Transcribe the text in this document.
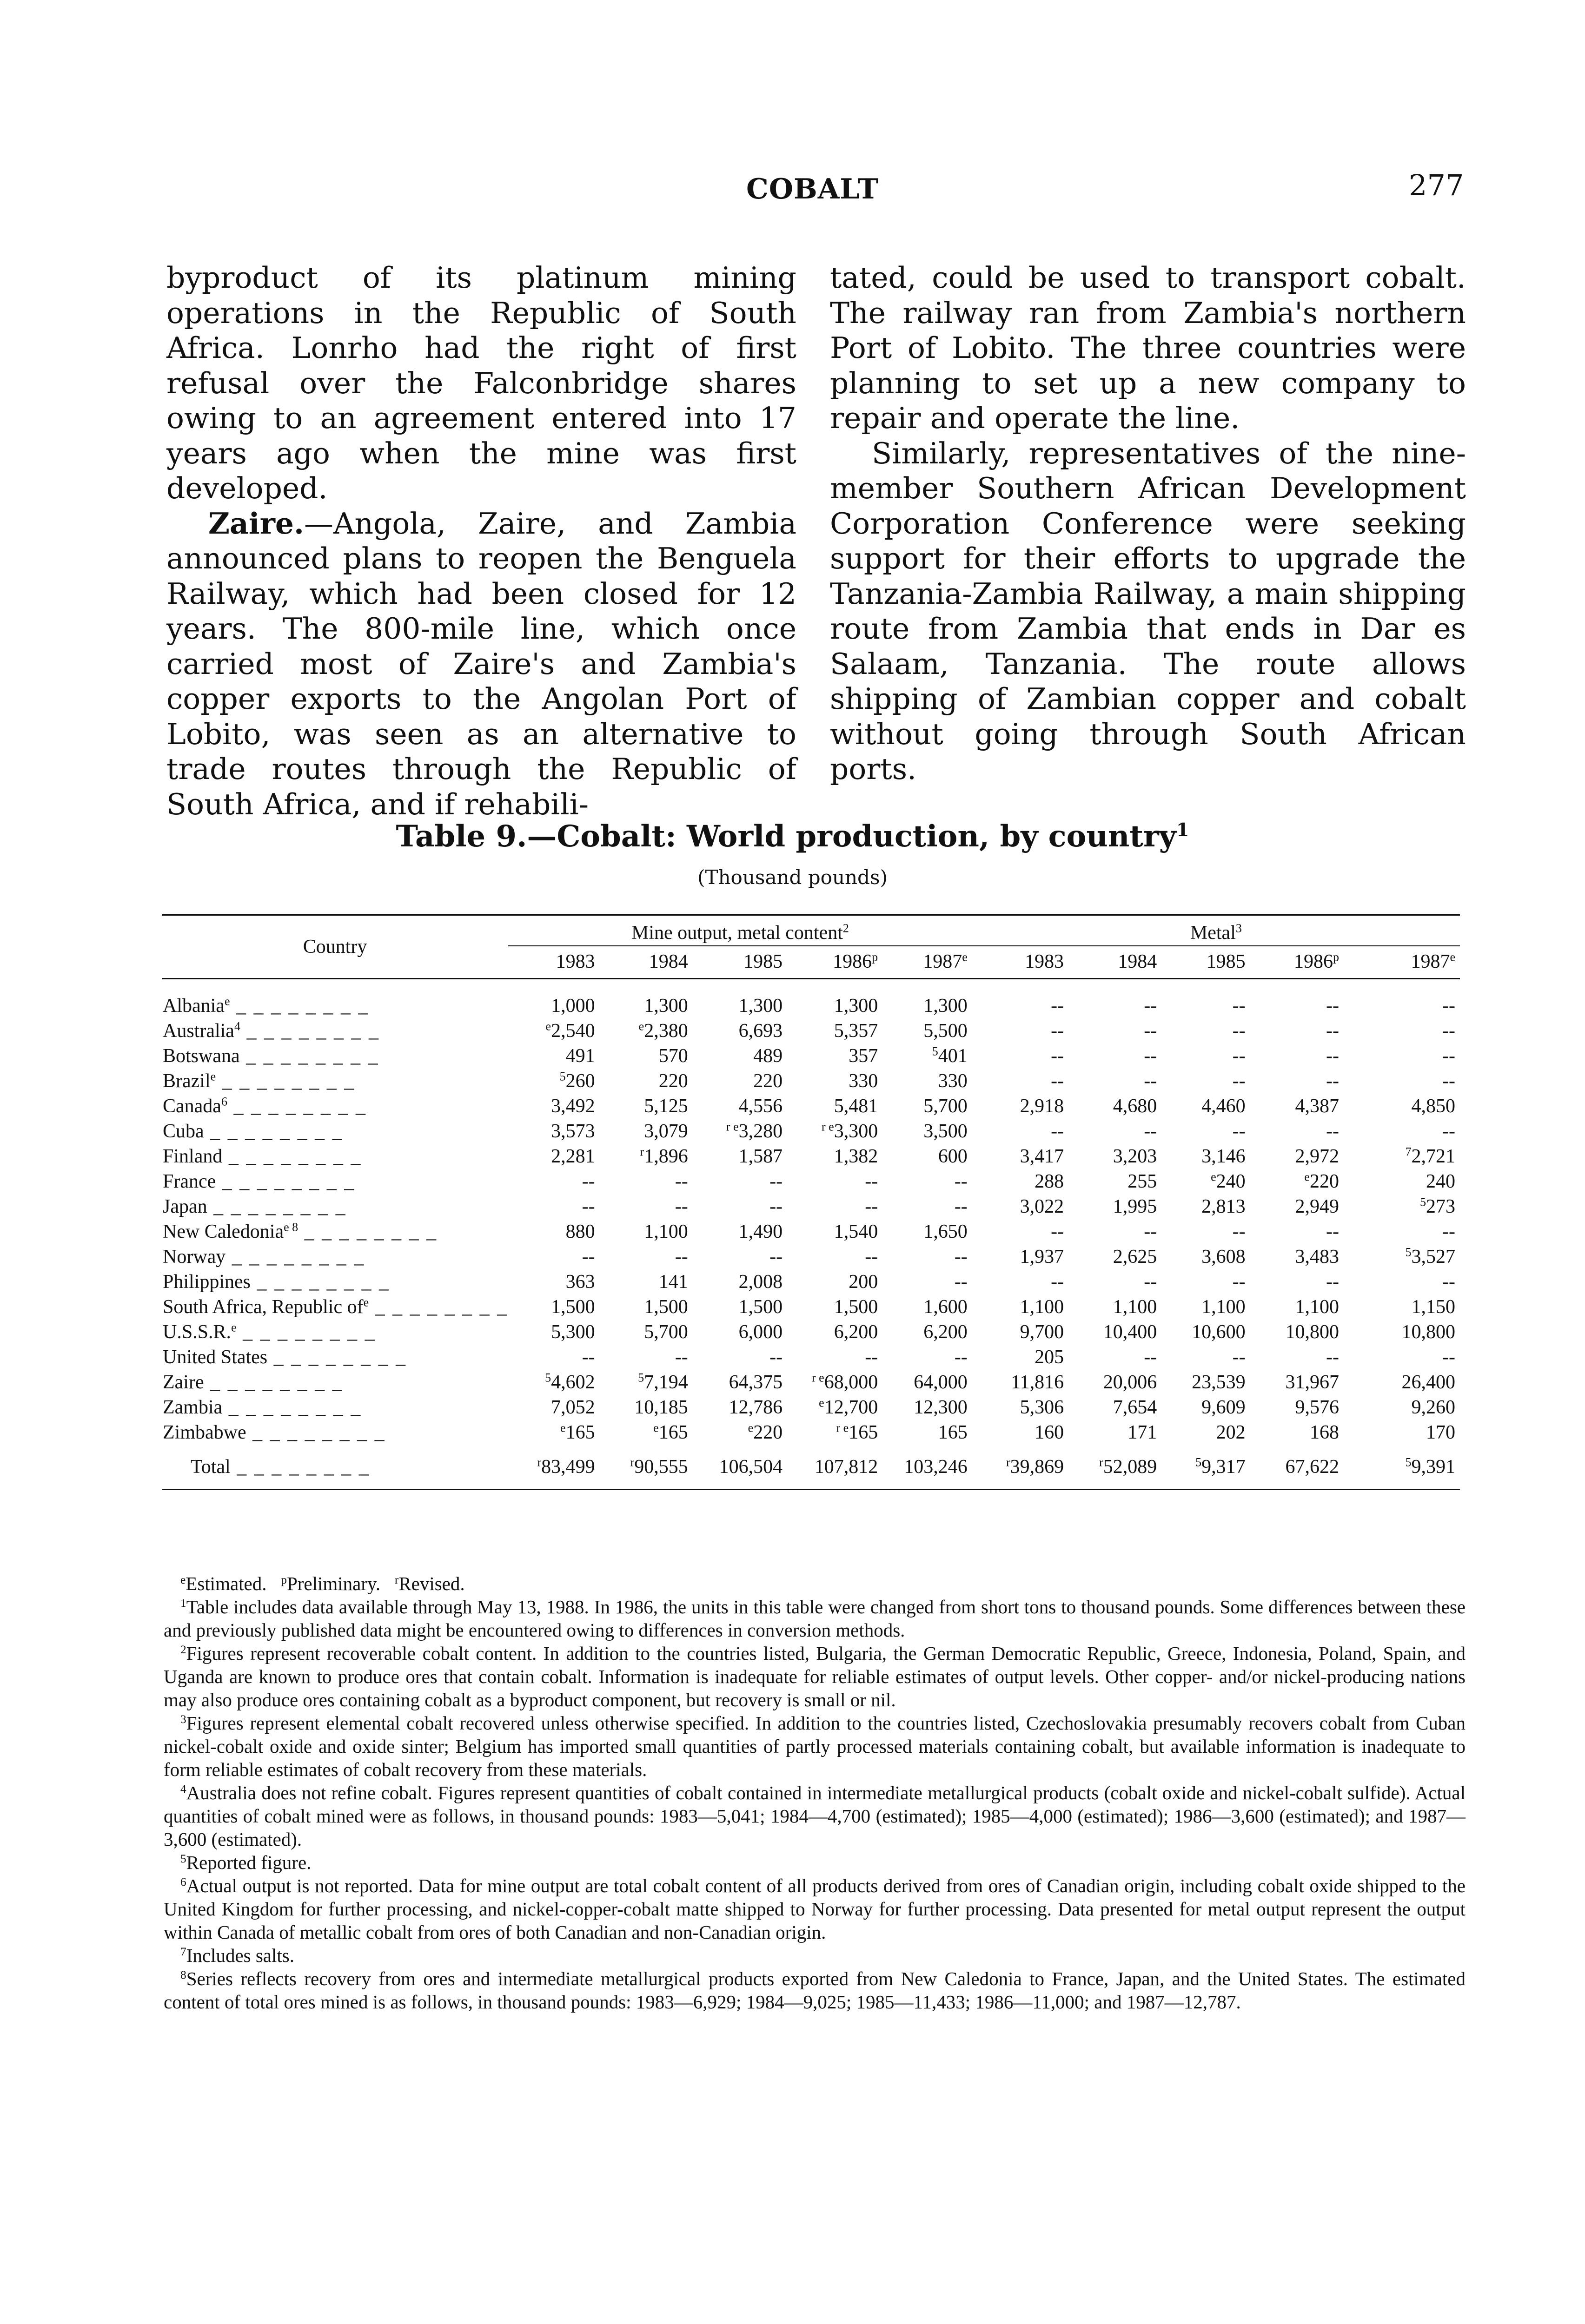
COBALT	277

byproduct of its platinum mining operations in the Republic of South Africa. Lonrho had the right of first refusal over the Falconbridge shares owing to an agreement entered into 17 years ago when the mine was first developed.

Zaire.—Angola, Zaire, and Zambia announced plans to reopen the Benguela Railway, which had been closed for 12 years. The 800-mile line, which once carried most of Zaire's and Zambia's copper exports to the Angolan Port of Lobito, was seen as an alternative to trade routes through the Republic of South Africa, and if rehabili-

tated, could be used to transport cobalt. The railway ran from Zambia's northern Port of Lobito. The three countries were planning to set up a new company to repair and operate the line.

Similarly, representatives of the nine-member Southern African Development Corporation Conference were seeking support for their efforts to upgrade the Tanzania-Zambia Railway, a main shipping route from Zambia that ends in Dar es Salaam, Tanzania. The route allows shipping of Zambian copper and cobalt without going through South African ports.

Table 9.—Cobalt: World production, by country$^1$
(Thousand pounds)
Country	Mine output, metal content$^2$					Metal$^3$
	1983	1984	1985	1986$^p$	1987e	1983	1984	1985	1986$^p$	1987e

Albania$^e$ _ _ _	1,000	1,300	1,300	1,300	1,300	--	--	--	--	--
Australia$^4$ _ _ _	$^e$2,540	$^e$2,380	6,693	5,357	5,500	--	--	--	--	--
Botswana _ _ _	491	570	489	357	$^5$401	--	--	--	--	--
Brazil$^e$ _ _ _	$^5$260	220	220	330	330	--	--	--	--	--
Canada$^6$ _ _ _	3,492	5,125	4,556	5,481	5,700	2,918	4,680	4,460	4,387	4,850
Cuba _ _ _	3,573	3,079	$^{r e}$3,280	$^{r e}$3,300	3,500	--	--	--	--	--
Finland _ _ _	2,281	$^r$1,896	1,587	1,382	600	3,417	3,203	3,146	2,972	$^7$2,721
France _ _ _	--	--	--	--	--	288	255	$^e$240	$^e$220	240
Japan _ _ _	--	--	--	--	--	3,022	1,995	2,813	2,949	$^5$273
New Caledonia$^{e 8}$ _ _ _	880	1,100	1,490	1,540	1,650	--	--	--	--	--
Norway _ _ _	--	--	--	--	--	1,937	2,625	3,608	3,483	$^5$3,527
Philippines _ _ _	363	141	2,008	200	--	--	--	--	--	--
South Africa, Republic $of^e$ _ _ _	1,500	1,500	1,500	1,500	1,600	1,100	1,100	1,100	1,100	1,150
U.S.S.R.$^e$ _ _ _	5,300	5,700	6,000	6,200	6,200	9,700	10,400	10,600	10,800	10,800
United States _ _ _	--	--	--	--	--	205	--	--	--	--
Zaire _ _ _	$^5$4,602	$^5$7,194	64,375	$^{r e}$68,000	64,000	11,816	20,006	23,539	31,967	26,400
Zambia _ _ _	7,052	10,185	12,786	$^e$12,700	12,300	5,306	7,654	9,609	9,576	9,260
Zimbabwe _ _ _	$^e$165	$^e$165	$^e$220	$^{r e}$165	165	160	171	202	168	170
Total _ _ _	$^r$83,499	$^r$90,555	106,504	107,812	103,246	$^r$39,869	$^r$52,089	$^5$9,317	67,622	$^5$9,391

$^e$Estimated.   $^p$Preliminary.   $^r$Revised.

$^1$Table includes data available through May 13, 1988. In 1986, the units in this table were changed from short tons to thousand pounds. Some differences between these and previously published data might be encountered owing to differences in conversion methods.

$^2$Figures represent recoverable cobalt content. In addition to the countries listed, Bulgaria, the German Democratic Republic, Greece, Indonesia, Poland, Spain, and Uganda are known to produce ores that contain cobalt. Information is inadequate for reliable estimates of output levels. Other copper- and/or nickel-producing nations may also produce ores containing cobalt as a byproduct component, but recovery is small or nil.

$^3$Figures represent elemental cobalt recovered unless otherwise specified. In addition to the countries listed, Czechoslovakia presumably recovers cobalt from Cuban nickel-cobalt oxide and oxide sinter; Belgium has imported small quantities of partly processed materials containing cobalt, but available information is inadequate to form reliable estimates of cobalt recovery from these materials.

$^4$Australia does not refine cobalt. Figures represent quantities of cobalt contained in intermediate metallurgical products (cobalt oxide and nickel-cobalt sulfide). Actual quantities of cobalt mined were as follows, in thousand pounds: 1983—5,041; 1984—4,700 (estimated); 1985—4,000 (estimated); 1986—3,600 (estimated); and 1987—3,600 (estimated).

$^5$Reported figure.

$^6$Actual output is not reported. Data for mine output are total cobalt content of all products derived from ores of Canadian origin, including cobalt oxide shipped to the United Kingdom for further processing, and nickel-copper-cobalt matte shipped to Norway for further processing. Data presented for metal output represent the output within Canada of metallic cobalt from ores of both Canadian and non-Canadian origin.

$^7$Includes salts.

$^8$Series reflects recovery from ores and intermediate metallurgical products exported from New Caledonia to France, Japan, and the United States. The estimated content of total ores mined is as follows, in thousand pounds: 1983—6,929; 1984—9,025; 1985—11,433; 1986—11,000; and 1987—12,787.
